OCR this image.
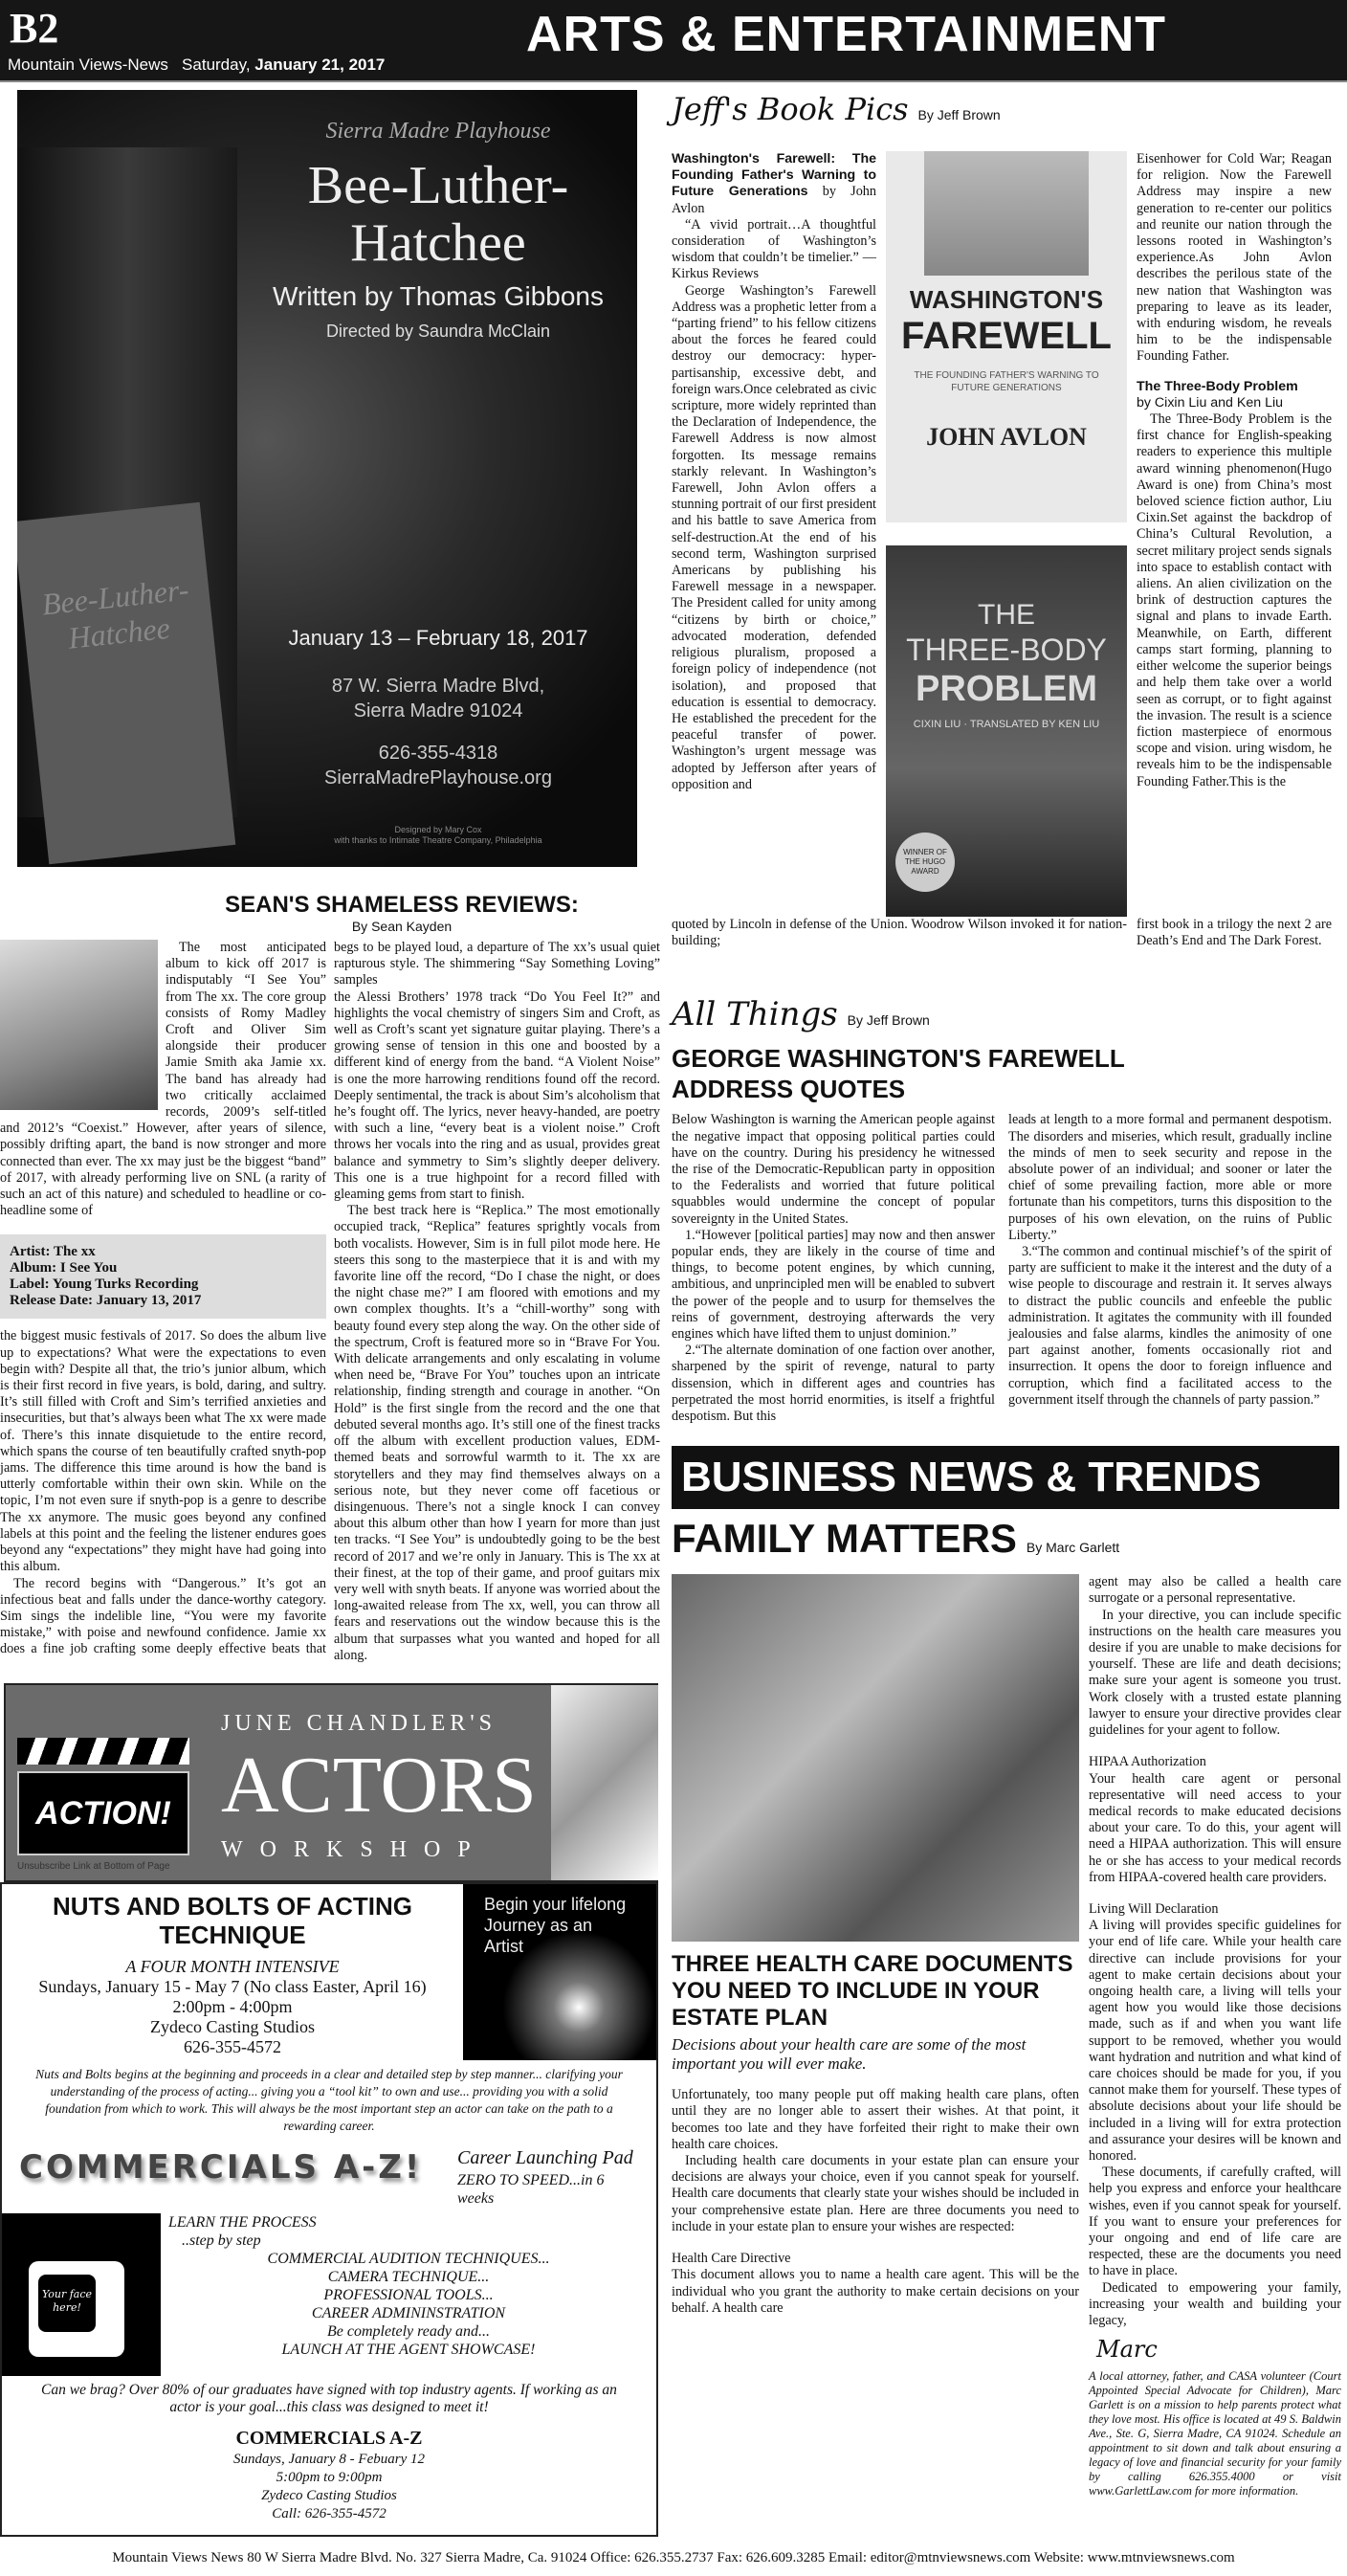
B2
Mountain Views-News Saturday, January 21, 2017
ARTS & ENTERTAINMENT
Bee-Luther-Hatchee
Sierra Madre Playhouse
Bee-Luther-
Hatchee
Written by Thomas Gibbons
Directed by Saundra McClain
January 13 – February 18, 2017
87 W. Sierra Madre Blvd,
Sierra Madre 91024
626-355-4318
SierraMadrePlayhouse.org
Designed by Mary Cox
with thanks to Intimate Theatre Company, Philadelphia
SEAN'S SHAMELESS REVIEWS:
By Sean Kayden

The most anticipated album to kick off 2017 is indisputably “I See You” from The xx. The core group consists of Romy Madley Croft and Oliver Sim alongside their producer Jamie Smith aka Jamie xx. The band has already had two critically acclaimed records, 2009’s self-titled and 2012’s “Coexist.” However, after years of silence, possibly drifting apart, the band is now stronger and more connected than ever. The xx may just be the biggest “band” of 2017, with already performing live on SNL (a rarity of such an act of this nature) and scheduled to headline or co-headline some of

Artist: The xx
Album: I See You
Label: Young Turks Recording
Release Date: January 13, 2017

the biggest music festivals of 2017. So does the album live up to expectations? What were the expectations to even begin with? Despite all that, the trio’s junior album, which is their first record in five years, is bold, daring, and sultry. It’s still filled with Croft and Sim’s terrified anxieties and insecurities, but that’s always been what The xx were made of. There’s this innate disquietude to the entire record, which spans the course of ten beautifully crafted snyth-pop jams. The difference this time around is how the band is utterly comfortable within their own skin. While on the topic, I’m not even sure if snyth-pop is a genre to describe The xx anymore. The music goes beyond any confined labels at this point and the feeling the listener endures goes beyond any “expectations” they might have had going into this album.

The record begins with “Dangerous.” It’s got an infectious beat and falls under the dance-worthy category. Sim sings the indelible line, “You were my favorite mistake,” with poise and newfound confidence. Jamie xx does a fine job crafting some deeply effective beats that begs to be played loud, a departure of The xx’s usual quiet rapturous style. The shimmering “Say Something Loving” samples

the Alessi Brothers’ 1978 track “Do You Feel It?” and highlights the vocal chemistry of singers Sim and Croft, as well as Croft’s scant yet signature guitar playing. There’s a growing sense of tension in this one and boosted by a different kind of energy from the band. “A Violent Noise” is one the more harrowing renditions found off the record. Deeply sentimental, the track is about Sim’s alcoholism that he’s fought off. The lyrics, never heavy-handed, are poetry with such a line, “every beat is a violent noise.” Croft throws her vocals into the ring and as usual, provides great balance and symmetry to Sim’s slightly deeper delivery. This one is a true highpoint for a record filled with gleaming gems from start to finish.

The best track here is “Replica.” The most emotionally occupied track, “Replica” features sprightly vocals from both vocalists. However, Sim is in full pilot mode here. He steers this song to the masterpiece that it is and with my favorite line off the record, “Do I chase the night, or does the night chase me?” I am floored with emotions and my own complex thoughts. It’s a “chill-worthy” song with beauty found every step along the way. On the other side of the spectrum, Croft is featured more so in “Brave For You. With delicate arrangements and only escalating in volume when need be, “Brave For You” touches upon an intricate relationship, finding strength and courage in another. “On Hold” is the first single from the record and the one that debuted several months ago. It’s still one of the finest tracks off the album with excellent production values, EDM-themed beats and sorrowful warmth to it. The xx are storytellers and they may find themselves always on a serious note, but they never come off facetious or disingenuous. There’s not a single knock I can convey about this album other than how I yearn for more than just ten tracks. “I See You” is undoubtedly going to be the best record of 2017 and we’re only in January. This is The xx at their finest, at the top of their game, and proof guitars mix very well with snyth beats. If anyone was worried about the long-awaited release from The xx, well, you can throw all fears and reservations out the window because this is the album that surpasses what you wanted and hoped for all along.

ACTION!
Unsubscribe Link at Bottom of Page
JUNE CHANDLER'S
ACTORS
WORKSHOP
NUTS AND BOLTS OF ACTING TECHNIQUE
A FOUR MONTH INTENSIVE
Sundays, January 15 - May 7 (No class Easter, April 16)
2:00pm - 4:00pm
Zydeco Casting Studios
626-355-4572
Begin your lifelong Journey as an Artist
Nuts and Bolts begins at the beginning and proceeds in a clear and detailed step by step manner... clarifying your understanding of the process of acting... giving you a “tool kit” to own and use... providing you with a solid foundation from which to work. This will always be the most important step an actor can take on the path to a rewarding career.
COMMERCIALS A-Z!	Career Launching Pad
ZERO TO SPEED...in 6 weeks
Your face here!
LEARN THE PROCESS
..step by step
COMMERCIAL AUDITION TECHNIQUES...
CAMERA TECHNIQUE...
PROFESSIONAL TOOLS...
CAREER ADMININSTRATION
Be completely ready and...
LAUNCH AT THE AGENT SHOWCASE!
Can we brag? Over 80% of our graduates have signed with top industry agents. If working as an actor is your goal...this class was designed to meet it!
COMMERCIALS A-Z
Sundays, January 8 - Febuary 12
5:00pm to 9:00pm
Zydeco Casting Studios
Call: 626-355-4572
Jeff's Book Pics By Jeff Brown

Washington's Farewell: The Founding Father's Warning to Future Generations by John Avlon

“A vivid portrait…A thoughtful consideration of Washington’s wisdom that couldn’t be timelier.” —Kirkus Reviews

George Washington’s Farewell Address was a prophetic letter from a “parting friend” to his fellow citizens about the forces he feared could destroy our democracy: hyper-partisanship, excessive debt, and foreign wars.Once celebrated as civic scripture, more widely reprinted than the Declaration of Independence, the Farewell Address is now almost forgotten. Its message remains starkly relevant. In Washington’s Farewell, John Avlon offers a stunning portrait of our first president and his battle to save America from self-destruction.At the end of his second term, Washington surprised Americans by publishing his Farewell message in a newspaper. The President called for unity among “citizens by birth or choice,” advocated moderation, defended religious pluralism, proposed a foreign policy of independence (not isolation), and proposed that education is essential to democracy. He established the precedent for the peaceful transfer of power. Washington’s urgent message was adopted by Jefferson after years of opposition and

WASHINGTON'S
FAREWELL
THE FOUNDING FATHER'S WARNING TO FUTURE GENERATIONS
JOHN AVLON
THE
THREE-BODY
PROBLEM
CIXIN LIU · TRANSLATED BY KEN LIU
WINNER OF THE HUGO AWARD

Eisenhower for Cold War; Reagan for religion. Now the Farewell Address may inspire a new generation to re-center our politics and reunite our nation through the lessons rooted in Washington’s experience.As John Avlon describes the perilous state of the new nation that Washington was preparing to leave as its leader, with enduring wisdom, he reveals him to be the indispensable Founding Father.

The Three-Body Problem
by Cixin Liu and Ken Liu

The Three-Body Problem is the first chance for English-speaking readers to experience this multiple award winning phenomenon(Hugo Award is one) from China’s most beloved science fiction author, Liu Cixin.Set against the backdrop of China’s Cultural Revolution, a secret military project sends signals into space to establish contact with aliens. An alien civilization on the brink of destruction captures the signal and plans to invade Earth. Meanwhile, on Earth, different camps start forming, planning to either welcome the superior beings and help them take over a world seen as corrupt, or to fight against the invasion. The result is a science fiction masterpiece of enormous scope and vision. uring wisdom, he reveals him to be the indispensable Founding Father.This is the

quoted by Lincoln in defense of the Union. Woodrow Wilson invoked it for nation-building;

first book in a trilogy the next 2 are Death’s End and The Dark Forest.

All Things By Jeff Brown
GEORGE WASHINGTON'S FAREWELL ADDRESS QUOTES

Below Washington is warning the American people against the negative impact that opposing political parties could have on the country. During his presidency he witnessed the rise of the Democratic-Republican party in opposition to the Federalists and worried that future political squabbles would undermine the concept of popular sovereignty in the United States.

1.“However [political parties] may now and then answer popular ends, they are likely in the course of time and things, to become potent engines, by which cunning, ambitious, and unprincipled men will be enabled to subvert the power of the people and to usurp for themselves the reins of government, destroying afterwards the very engines which have lifted them to unjust dominion.”

2.“The alternate domination of one faction over another, sharpened by the spirit of revenge, natural to party dissension, which in different ages and countries has perpetrated the most horrid enormities, is itself a frightful despotism. But this

leads at length to a more formal and permanent despotism. The disorders and miseries, which result, gradually incline the minds of men to seek security and repose in the absolute power of an individual; and sooner or later the chief of some prevailing faction, more able or more fortunate than his competitors, turns this disposition to the purposes of his own elevation, on the ruins of Public Liberty.”

3.“The common and continual mischief’s of the spirit of party are sufficient to make it the interest and the duty of a wise people to discourage and restrain it. It serves always to distract the public councils and enfeeble the public administration. It agitates the community with ill founded jealousies and false alarms, kindles the animosity of one part against another, foments occasionally riot and insurrection. It opens the door to foreign influence and corruption, which find a facilitated access to the government itself through the channels of party passion.”

BUSINESS NEWS & TRENDS
FAMILY MATTERS By Marc Garlett
THREE HEALTH CARE DOCUMENTS YOU NEED TO INCLUDE IN YOUR ESTATE PLAN
Decisions about your health care are some of the most important you will ever make.

Unfortunately, too many people put off making health care plans, often until they are no longer able to assert their wishes. At that point, it becomes too late and they have forfeited their right to make their own health care choices.

Including health care documents in your estate plan can ensure your decisions are always your choice, even if you cannot speak for yourself. Health care documents that clearly state your wishes should be included in your comprehensive estate plan. Here are three documents you need to include in your estate plan to ensure your wishes are respected:

Health Care Directive

This document allows you to name a health care agent. This will be the individual who you grant the authority to make certain decisions on your behalf. A health care

agent may also be called a health care surrogate or a personal representative.

In your directive, you can include specific instructions on the health care measures you desire if you are unable to make decisions for yourself. These are life and death decisions; make sure your agent is someone you trust. Work closely with a trusted estate planning lawyer to ensure your directive provides clear guidelines for your agent to follow.

HIPAA Authorization

Your health care agent or personal representative will need access to your medical records to make educated decisions about your care. To do this, your agent will need a HIPAA authorization. This will ensure he or she has access to your medical records from HIPAA-covered health care providers.

Living Will Declaration

A living will provides specific guidelines for your end of life care. While your health care directive can include provisions for your agent to make certain decisions about your ongoing health care, a living will tells your agent how you would like those decisions made, such as if and when you want life support to be removed, whether you would want hydration and nutrition and what kind of care choices should be made for you, if you cannot make them for yourself. These types of absolute decisions about your life should be included in a living will for extra protection and assurance your desires will be known and honored.

These documents, if carefully crafted, will help you express and enforce your healthcare wishes, even if you cannot speak for yourself. If you want to ensure your preferences for your ongoing and end of life care are respected, these are the documents you need to have in place.

Dedicated to empowering your family, increasing your wealth and building your legacy,

Marc

A local attorney, father, and CASA volunteer (Court Appointed Special Advocate for Children), Marc Garlett is on a mission to help parents protect what they love most. His office is located at 49 S. Baldwin Ave., Ste. G, Sierra Madre, CA 91024. Schedule an appointment to sit down and talk about ensuring a legacy of love and financial security for your family by calling 626.355.4000 or visit www.GarlettLaw.com for more information.

Mountain Views News 80 W Sierra Madre Blvd. No. 327 Sierra Madre, Ca. 91024 Office: 626.355.2737 Fax: 626.609.3285 Email: editor@mtnviewsnews.com Website: www.mtnviewsnews.com
